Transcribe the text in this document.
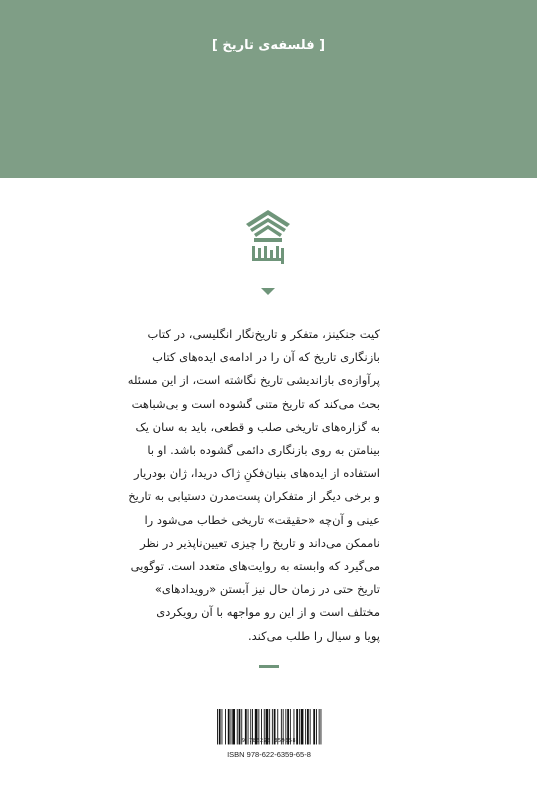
[ فلسفه‌ی تاریخ ]
کیت جنکینز، متفکر و تاریخ‌نگار انگلیسی، در کتاب
بازنگاری تاریخ که آن را در ادامه‌ی ایده‌های کتاب
پرآوازه‌ی بازاندیشی تاریخ نگاشته است، از این مسئله
بحث می‌کند که تاریخ متنی گشوده است و بی‌شباهت
به گزاره‌های تاریخی صلب و قطعی، باید به سان یک
بینامتن به روی بازنگاری دائمی گشوده باشد. او با
استفاده از ایده‌های بنیان‌فکنِ ژاک دریدا، ژان بودریار
و برخی دیگر از متفکران پست‌مدرن دستیابی به تاریخ
عینی و آن‌چه «حقیقت» تاریخی خطاب می‌شود را
ناممکن می‌داند و تاریخ را چیزی تعیین‌ناپذیر در نظر
می‌گیرد که وابسته به روایت‌های متعدد است. توگویی
تاریخ حتی در زمان حال نیز آبستن «رویدادهای»
مختلف است و از این رو مواجهه با آن رویکردی
پویا و سیال را طلب می‌کند.
9 786226 359658
ISBN 978-622-6359-65-8
